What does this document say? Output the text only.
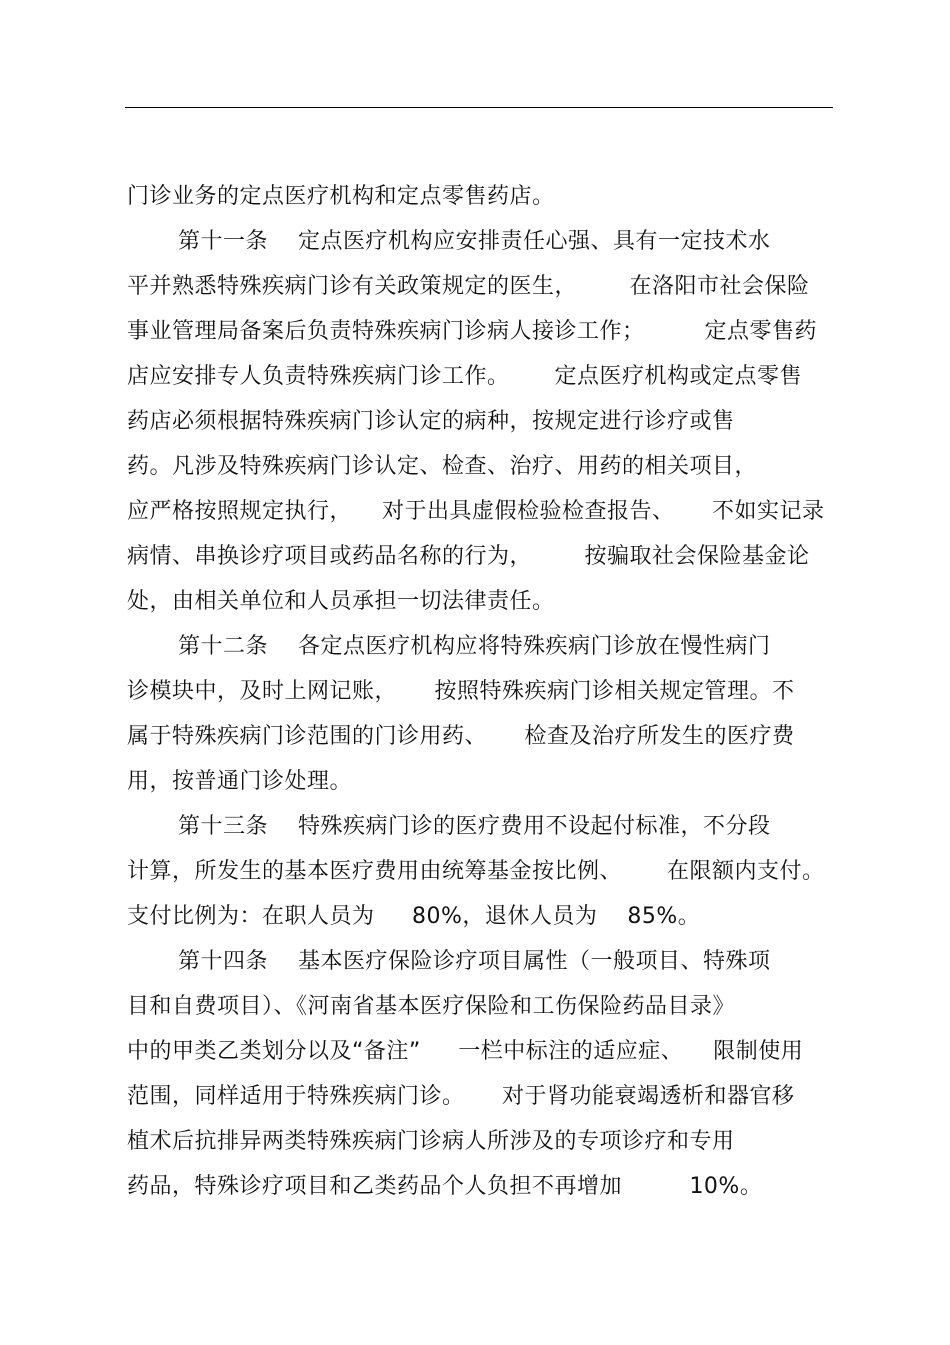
门诊业务的定点医疗机构和定点零售药店。
第十一条    定点医疗机构应安排责任心强、具有一定技术水
平并熟悉特殊疾病门诊有关政策规定的医生，       在洛阳市社会保险
事业管理局备案后负责特殊疾病门诊病人接诊工作；        定点零售药
店应安排专人负责特殊疾病门诊工作。      定点医疗机构或定点零售
药店必须根据特殊疾病门诊认定的病种，按规定进行诊疗或售
药。凡涉及特殊疾病门诊认定、检查、治疗、用药的相关项目，
应严格按照规定执行，    对于出具虚假检验检查报告、     不如实记录
病情、串换诊疗项目或药品名称的行为，       按骗取社会保险基金论
处，由相关单位和人员承担一切法律责任。
第十二条    各定点医疗机构应将特殊疾病门诊放在慢性病门
诊模块中，及时上网记账，     按照特殊疾病门诊相关规定管理。不
属于特殊疾病门诊范围的门诊用药、     检查及治疗所发生的医疗费
用，按普通门诊处理。
第十三条    特殊疾病门诊的医疗费用不设起付标准，不分段
计算，所发生的基本医疗费用由统筹基金按比例、      在限额内支付。
支付比例为：在职人员为     80%，退休人员为    85%。
第十四条    基本医疗保险诊疗项目属性（一般项目、特殊项
目和自费项目）、《河南省基本医疗保险和工伤保险药品目录》
中的甲类乙类划分以及“备注”     一栏中标注的适应症、    限制使用
范围，同样适用于特殊疾病门诊。     对于肾功能衰竭透析和器官移
植术后抗排异两类特殊疾病门诊病人所涉及的专项诊疗和专用
药品，特殊诊疗项目和乙类药品个人负担不再增加         10%。
